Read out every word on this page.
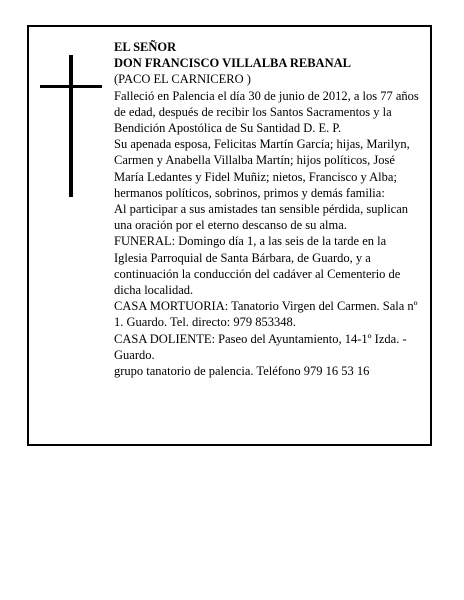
EL SEÑOR

DON FRANCISCO VILLALBA REBANAL

(PACO EL CARNICERO )

Falleció en Palencia el día 30 de junio de 2012, a los 77 años de edad, después de recibir los Santos Sacramentos y la Bendición Apostólica de Su Santidad D. E. P.

Su apenada esposa, Felicitas Martín García; hijas, Marilyn, Carmen y Anabella Villalba Martín; hijos políticos, José María Ledantes y Fidel Muñiz; nietos, Francisco y Alba; hermanos políticos, sobrinos, primos y demás familia:

Al participar a sus amistades tan sensible pérdida, suplican una oración por el eterno descanso de su alma.

FUNERAL: Domingo día 1, a las seis de la tarde en la Iglesia Parroquial de Santa Bárbara, de Guardo, y a continuación la conducción del cadáver al Cementerio de dicha localidad.

CASA MORTUORIA: Tanatorio Virgen del Carmen. Sala nº 1. Guardo. Tel. directo: 979 853348.

CASA DOLIENTE: Paseo del Ayuntamiento, 14-1º Izda. - Guardo.

grupo tanatorio de palencia. Teléfono 979 16 53 16
